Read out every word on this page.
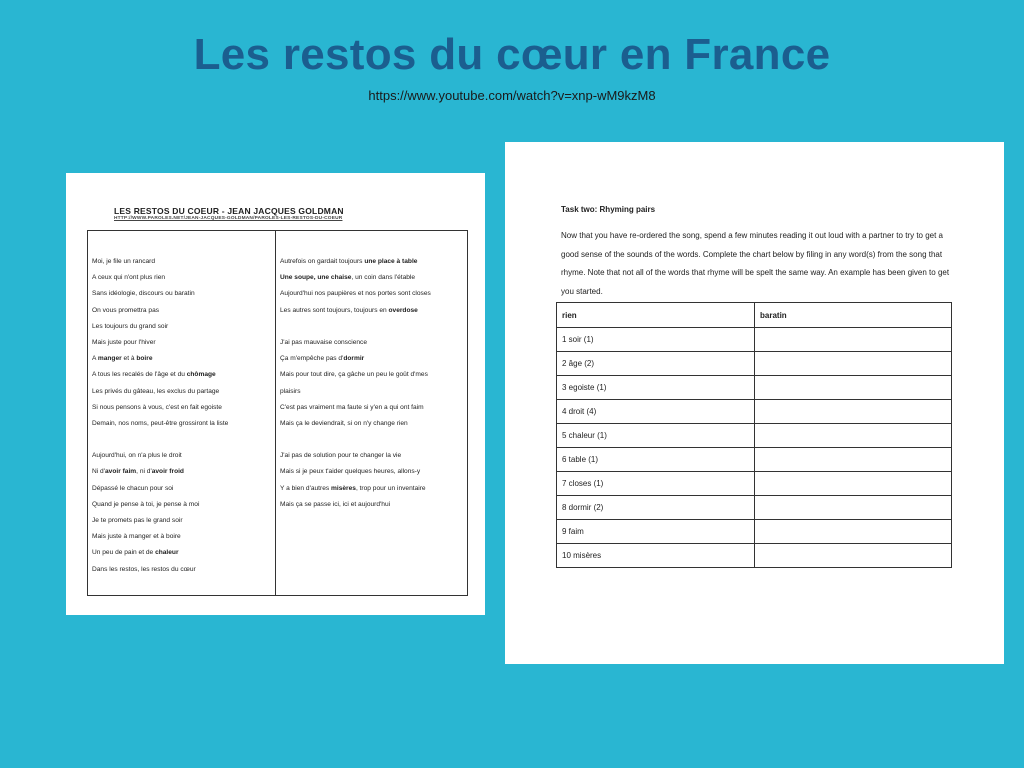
Les restos du cœur en France
https://www.youtube.com/watch?v=xnp-wM9kzM8
LES RESTOS DU COEUR - JEAN JACQUES GOLDMAN
HTTP://WWW.PAROLES.NET/JEAN-JACQUES-GOLDMAN/PAROLES-LES-RESTOS-DU-COEUR
Moi, je file un rancard
A ceux qui n'ont plus rien
Sans idéologie, discours ou baratin
On vous promettra pas
Les toujours du grand soir
Mais juste pour l'hiver
A manger et à boire
A tous les recalés de l'âge et du chômage
Les privés du gâteau, les exclus du partage
Si nous pensons à vous, c'est en fait egoiste
Demain, nos noms, peut-être grossiront la liste
Aujourd'hui, on n'a plus le droit
Ni d'avoir faim, ni d'avoir froid
Dépassé le chacun pour soi
Quand je pense à toi, je pense à moi
Je te promets pas le grand soir
Mais juste à manger et à boire
Un peu de pain et de chaleur
Dans les restos, les restos du cœur
Autrefois on gardait toujours une place à table
Une soupe, une chaise, un coin dans l'étable
Aujourd'hui nos paupières et nos portes sont closes
Les autres sont toujours, toujours en overdose
J'ai pas mauvaise conscience
Ça m'empêche pas d'dormir
Mais pour tout dire, ça gâche un peu le goût d'mes
plaisirs
C'est pas vraiment ma faute si y'en a qui ont faim
Mais ça le deviendrait, si on n'y change rien
J'ai pas de solution pour te changer la vie
Mais si je peux t'aider quelques heures, allons-y
Y a bien d'autres misères, trop pour un inventaire
Mais ça se passe ici, ici et aujourd'hui
Task two: Rhyming pairs
Now that you have re-ordered the song, spend a few minutes reading it out loud with a partner to try to get a good sense of the sounds of the words. Complete the chart below by filing in any word(s) from the song that rhyme. Note that not all of the words that rhyme will be spelt the same way. An example has been given to get you started.
rien	baratin
1 soir (1)	
2 âge (2)	
3 egoiste (1)	
4 droit (4)	
5 chaleur (1)	
6 table (1)	
7 closes (1)	
8 dormir (2)	
9 faim	
10 misères	
